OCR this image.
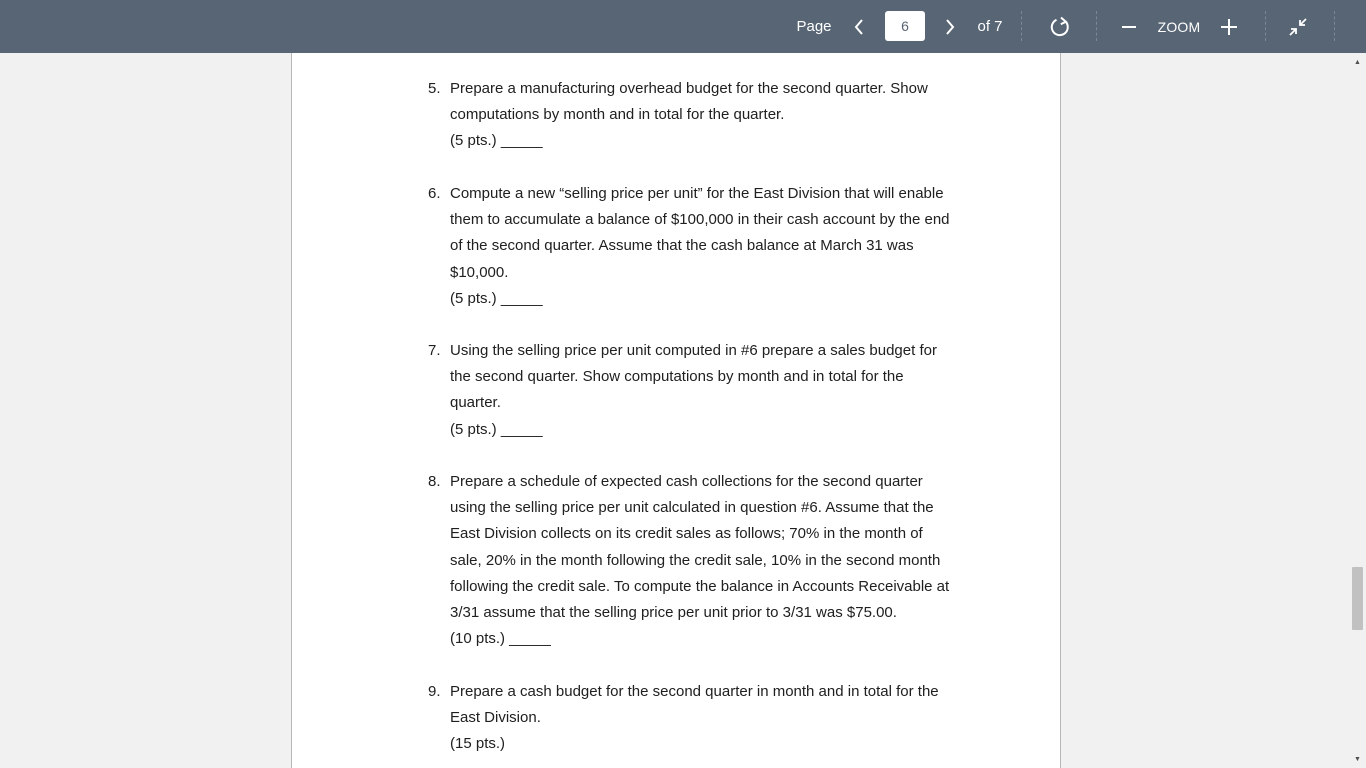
Page
6	of 7	ZOOM
5. Prepare a manufacturing overhead budget for the second quarter. Show computations by month and in total for the quarter.
(5 pts.) _____
6. Compute a new “selling price per unit” for the East Division that will enable them to accumulate a balance of $100,000 in their cash account by the end of the second quarter. Assume that the cash balance at March 31 was $10,000.
(5 pts.) _____
7. Using the selling price per unit computed in #6 prepare a sales budget for the second quarter. Show computations by month and in total for the quarter.
(5 pts.) _____
8. Prepare a schedule of expected cash collections for the second quarter using the selling price per unit calculated in question #6. Assume that the East Division collects on its credit sales as follows; 70% in the month of sale, 20% in the month following the credit sale, 10% in the second month following the credit sale. To compute the balance in Accounts Receivable at 3/31 assume that the selling price per unit prior to 3/31 was $75.00.
(10 pts.) _____
9. Prepare a cash budget for the second quarter in month and in total for the East Division.
(15 pts.)
▲
▼
